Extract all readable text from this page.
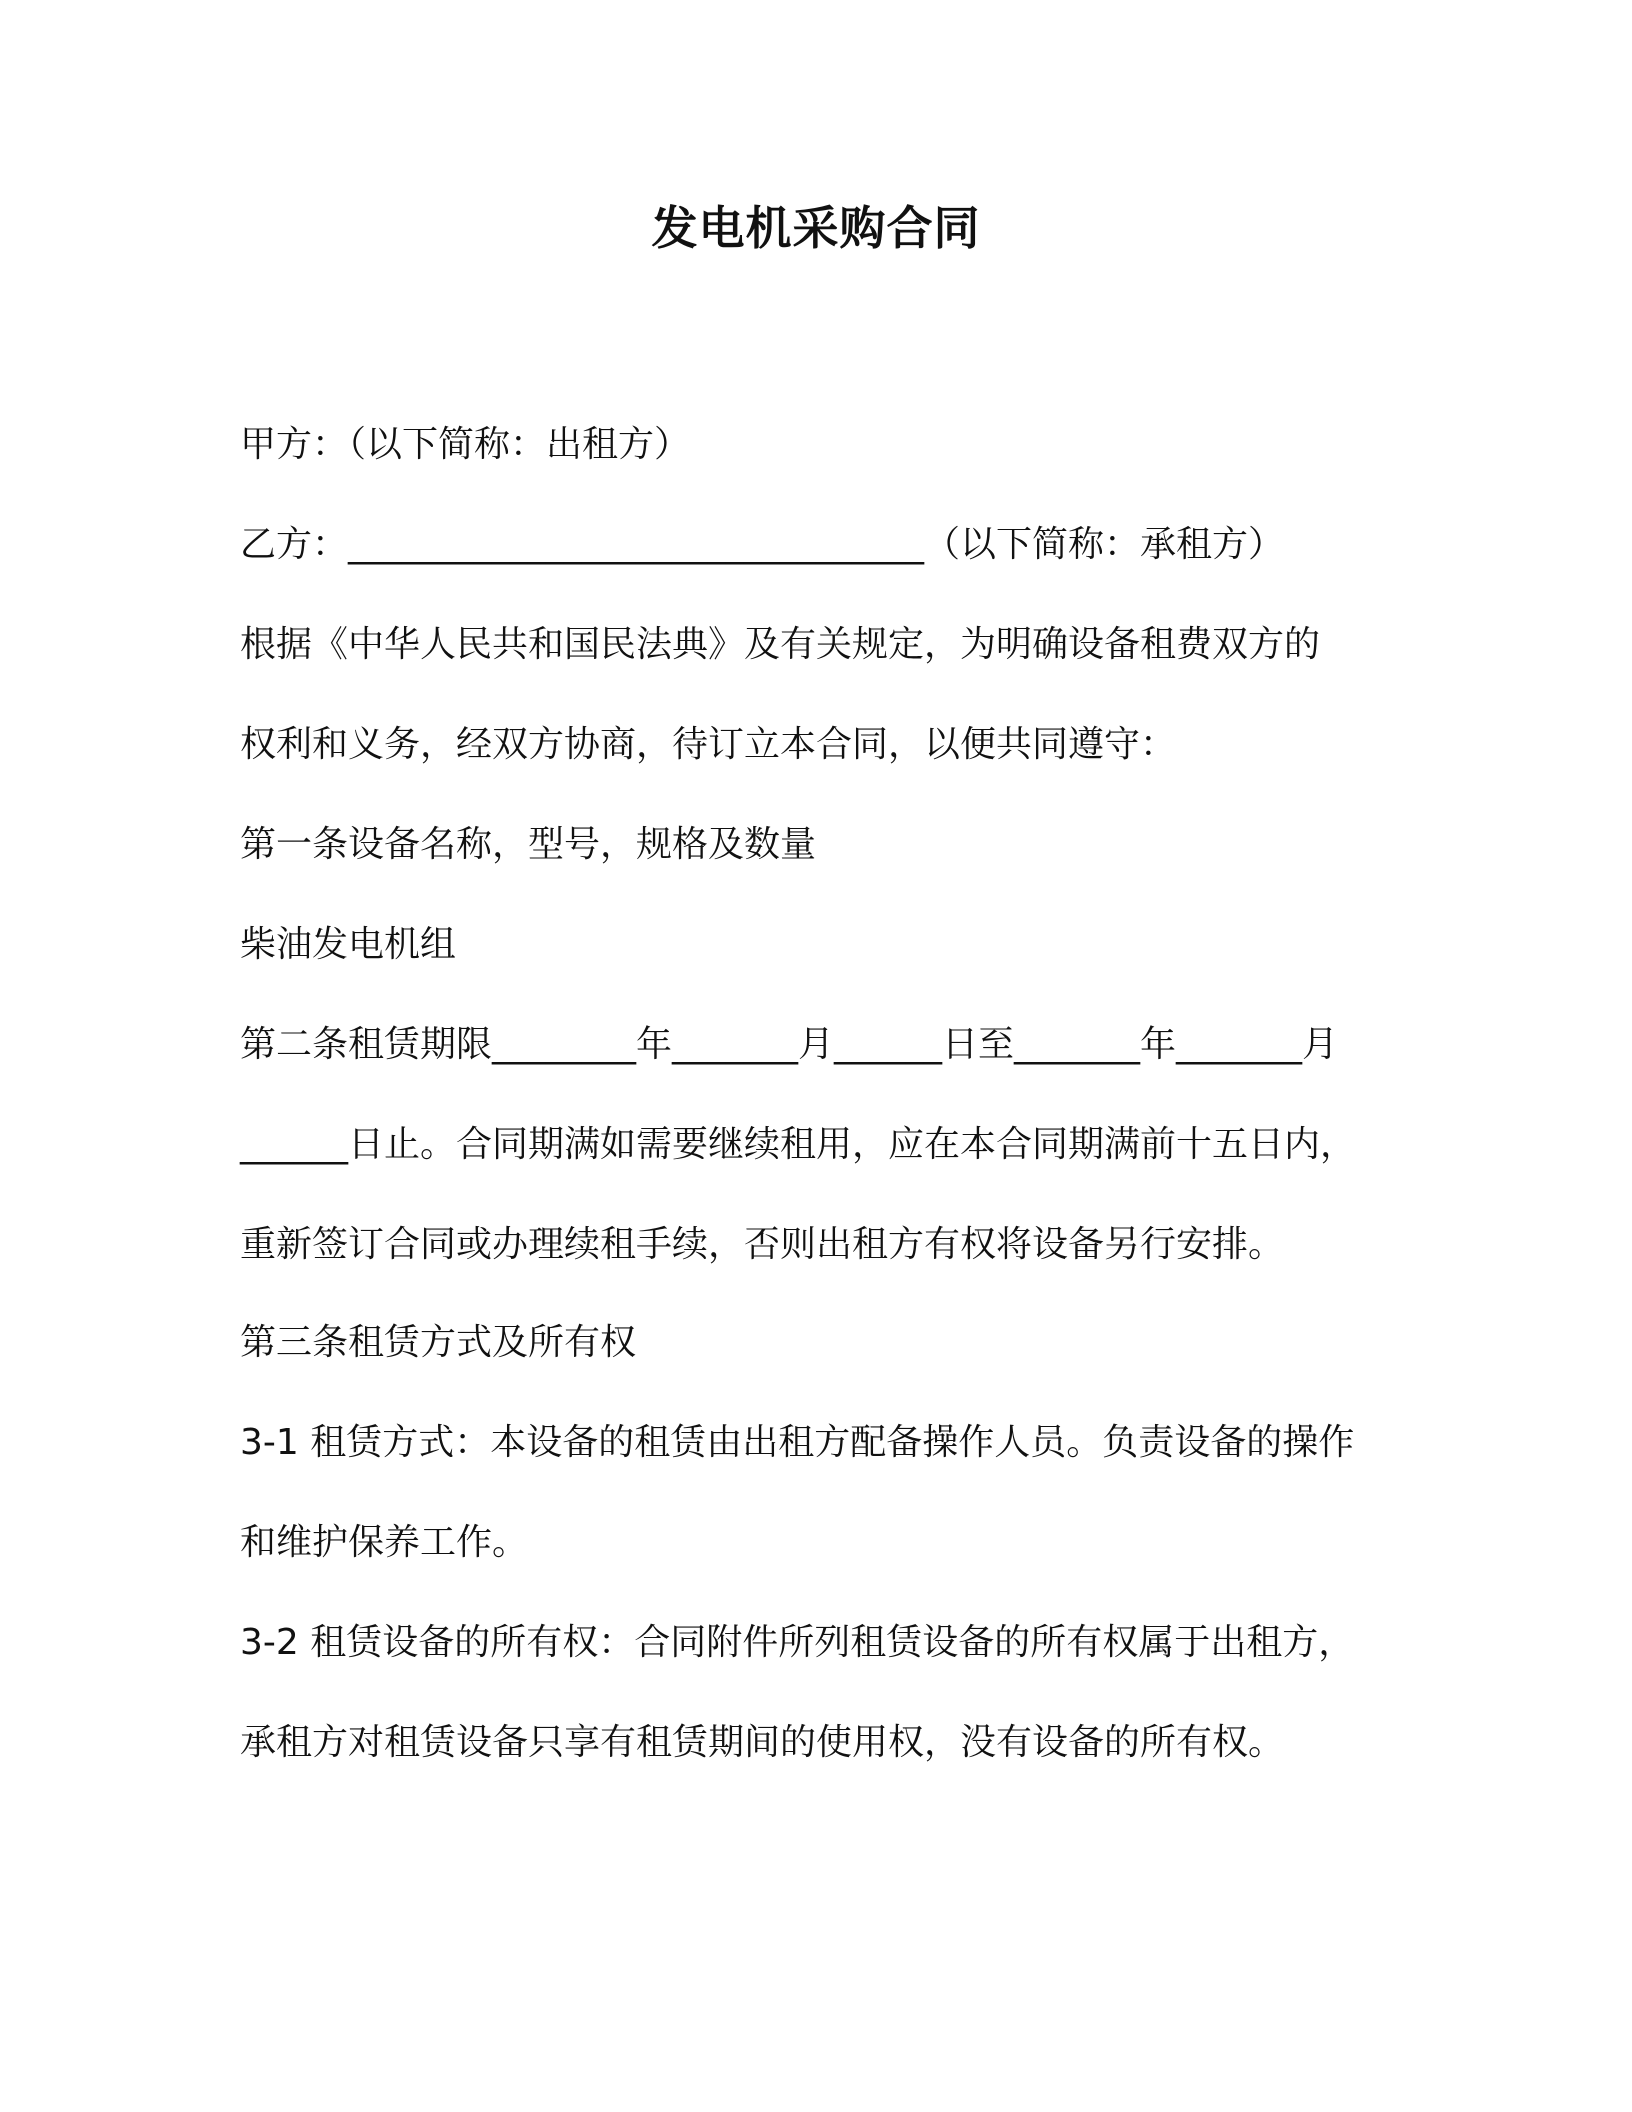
发电机采购合同

甲方：（以下简称：出租方）

乙方：________________________________（以下简称：承租方）

根据《中华人民共和国民法典》及有关规定，为明确设备租费双方的

权利和义务，经双方协商，待订立本合同，以便共同遵守：

第一条设备名称，型号，规格及数量

柴油发电机组

第二条租赁期限________年_______月______日至_______年_______月

______日止。合同期满如需要继续租用，应在本合同期满前十五日内，

重新签订合同或办理续租手续，否则出租方有权将设备另行安排。

第三条租赁方式及所有权

3-1 租赁方式：本设备的租赁由出租方配备操作人员。负责设备的操作

和维护保养工作。

3-2 租赁设备的所有权：合同附件所列租赁设备的所有权属于出租方，

承租方对租赁设备只享有租赁期间的使用权，没有设备的所有权。
